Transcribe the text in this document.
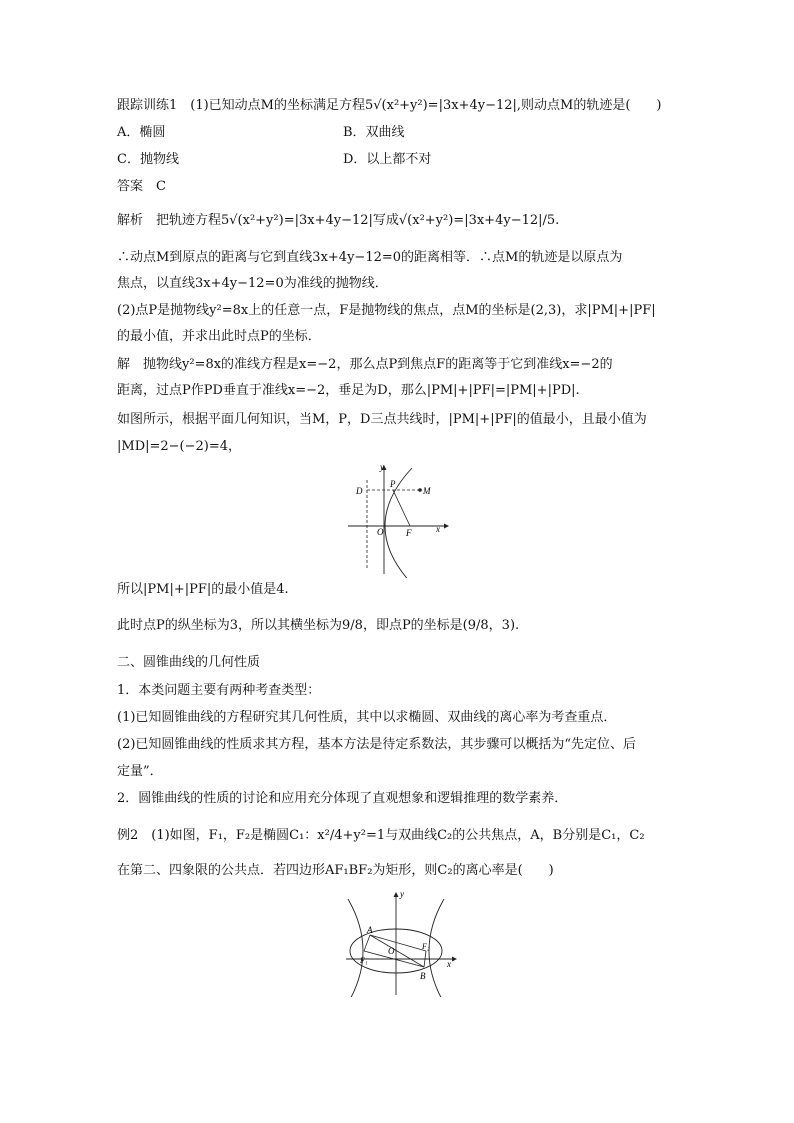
跟踪训练1　(1)已知动点M的坐标满足方程5√(x²+y²)=|3x+4y−12|,则动点M的轨迹是(　　)
A．椭圆	B．双曲线
C．抛物线	D．以上都不对
答案　C
解析　把轨迹方程5√(x²+y²)=|3x+4y−12|写成√(x²+y²)=|3x+4y−12|/5.
∴动点M到原点的距离与它到直线3x+4y−12=0的距离相等．∴点M的轨迹是以原点为
焦点，以直线3x+4y−12=0为准线的抛物线．
(2)点P是抛物线y²=8x上的任意一点，F是抛物线的焦点，点M的坐标是(2,3)，求|PM|+|PF|
的最小值，并求出此时点P的坐标．
解　抛物线y²=8x的准线方程是x=−2，那么点P到焦点F的距离等于它到准线x=−2的
距离，过点P作PD垂直于准线x=−2，垂足为D，那么|PM|+|PF|=|PM|+|PD|.
如图所示，根据平面几何知识，当M，P，D三点共线时，|PM|+|PF|的值最小，且最小值为
|MD|=2−(−2)=4，
y
x
O
D
P
M
F
所以|PM|+|PF|的最小值是4.
此时点P的纵坐标为3，所以其横坐标为9/8，即点P的坐标是(9/8，3).
二、圆锥曲线的几何性质
1．本类问题主要有两种考查类型：
(1)已知圆锥曲线的方程研究其几何性质，其中以求椭圆、双曲线的离心率为考查重点．
(2)已知圆锥曲线的性质求其方程，基本方法是待定系数法，其步骤可以概括为“先定位、后
定量”．
2．圆锥曲线的性质的讨论和应用充分体现了直观想象和逻辑推理的数学素养．
例2　(1)如图，F₁，F₂是椭圆C₁：x²/4+y²=1与双曲线C₂的公共焦点，A，B分别是C₁，C₂
在第二、四象限的公共点．若四边形AF₁BF₂为矩形，则C₂的离心率是(　　)
y
x
O
A
B
F₁
F₂
